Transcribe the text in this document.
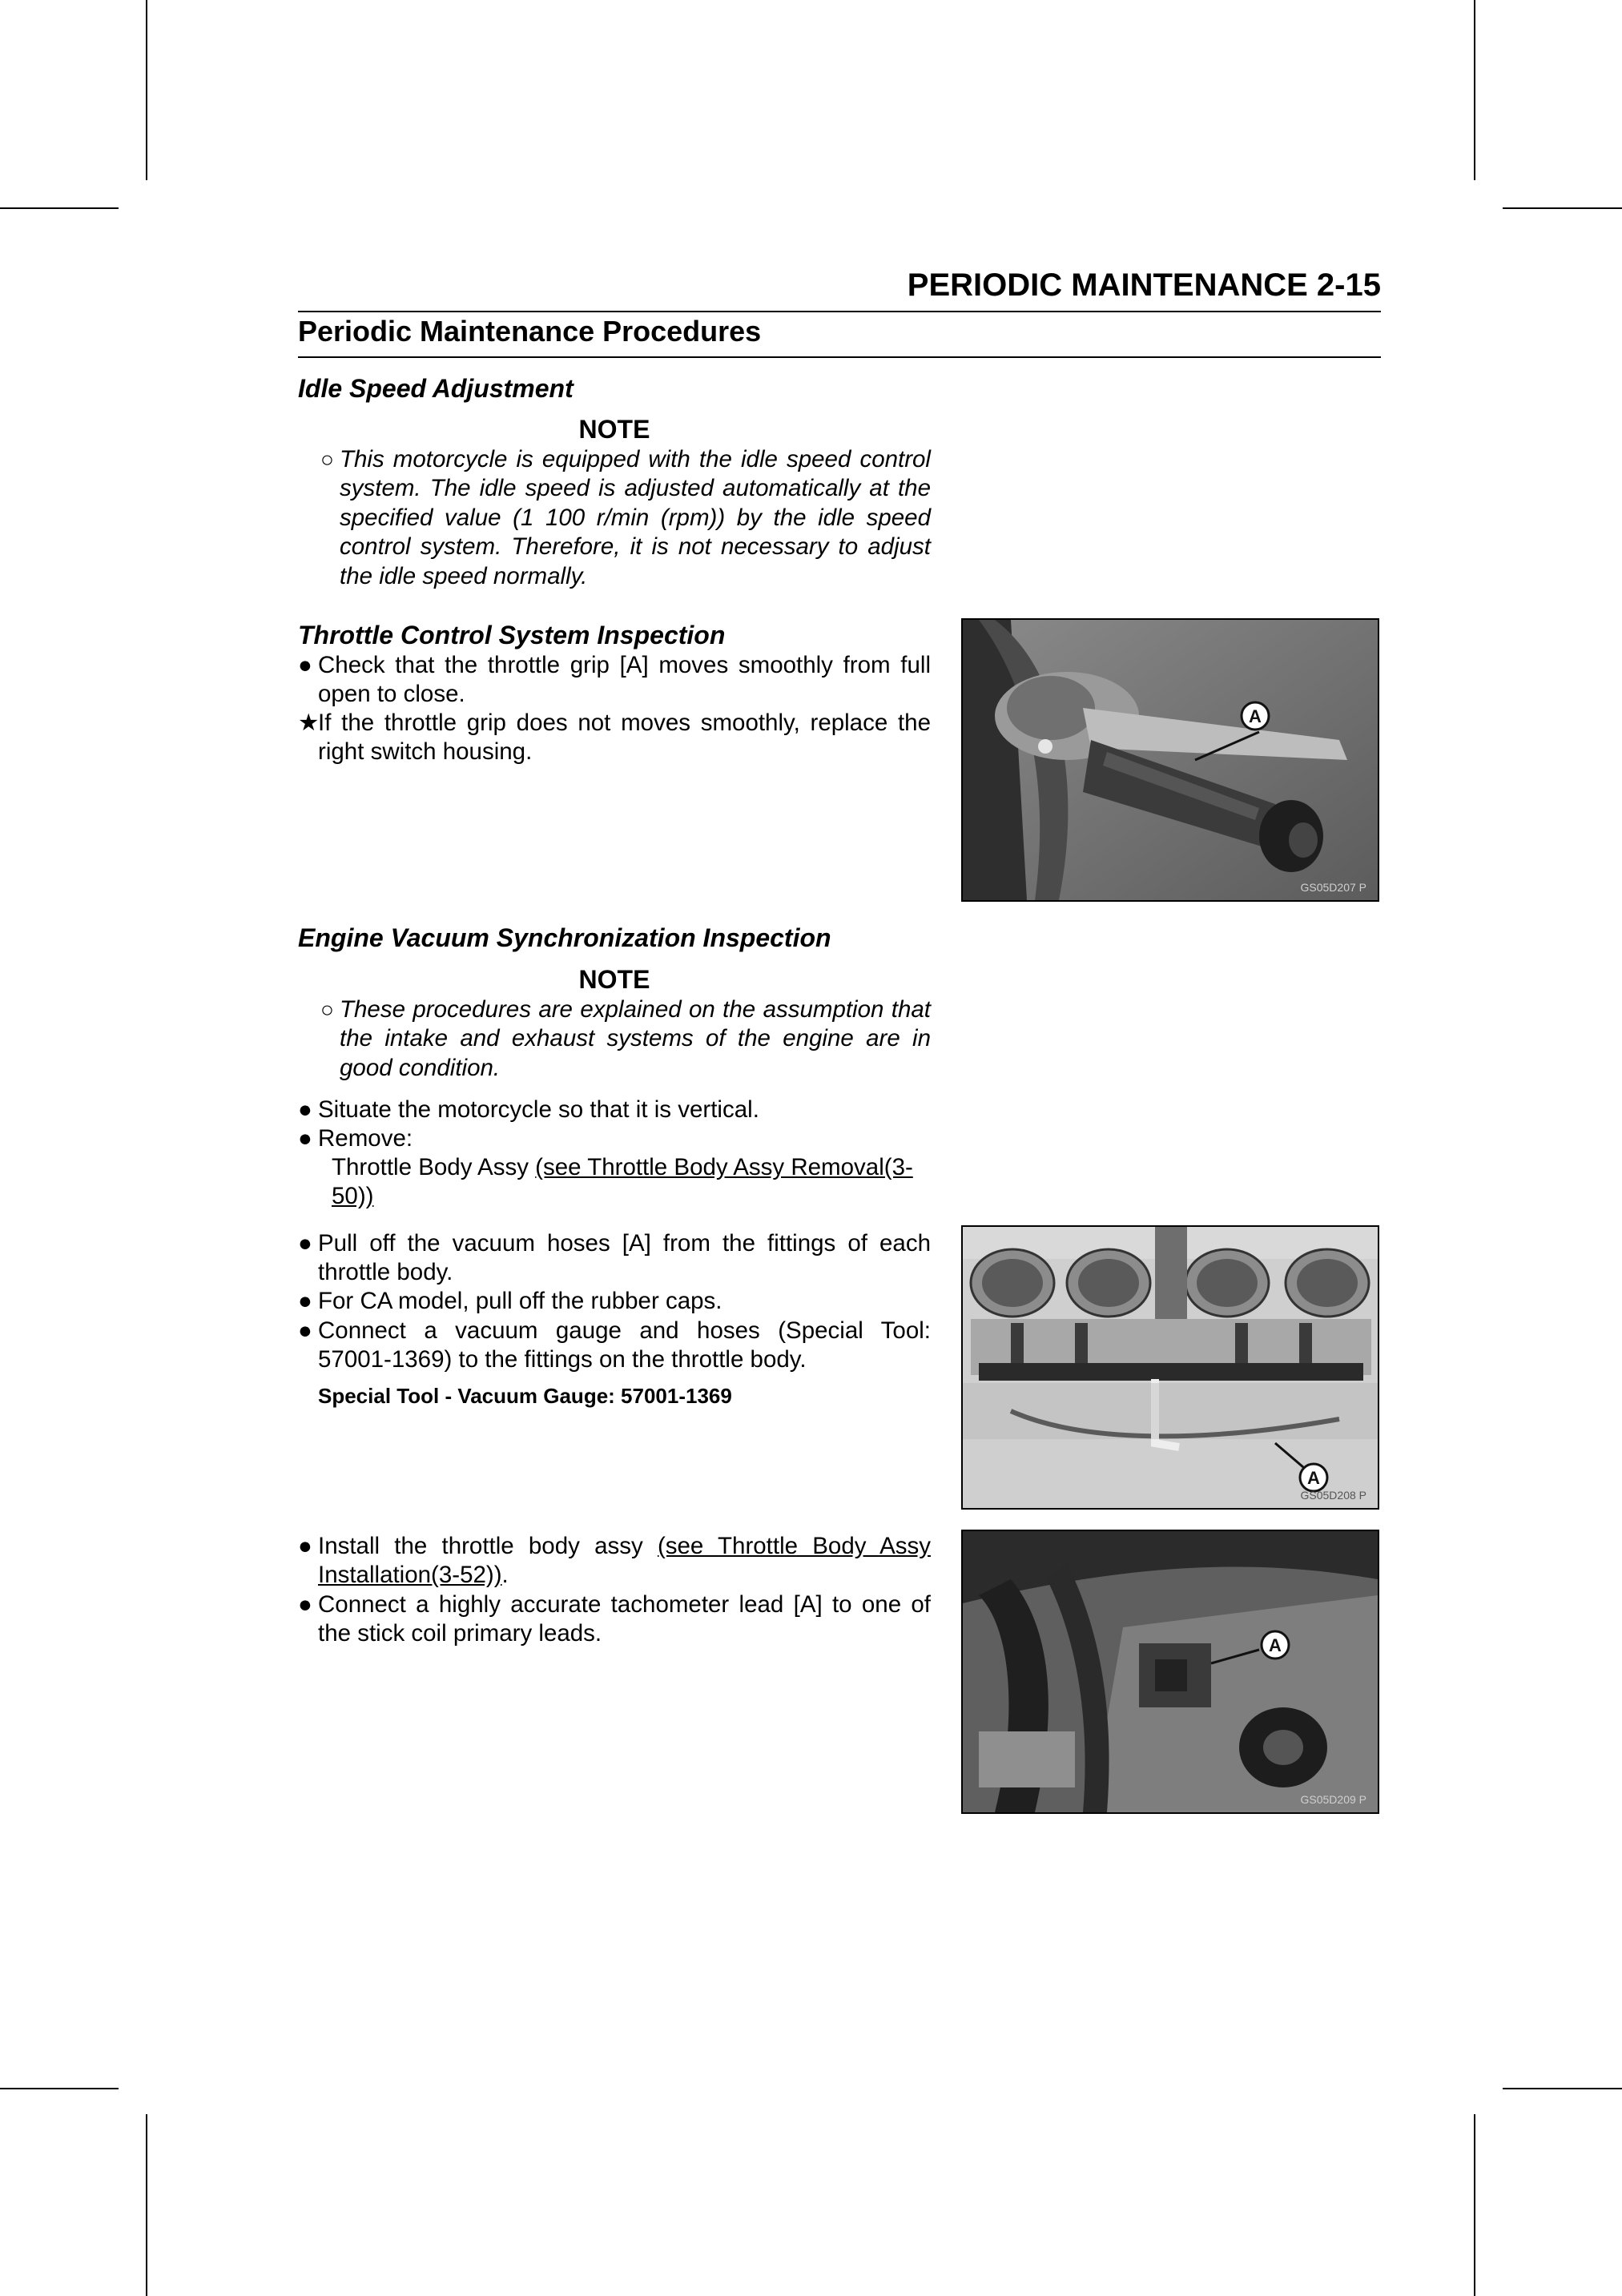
PERIODIC MAINTENANCE 2-15
Periodic Maintenance Procedures
Idle Speed Adjustment
NOTE
○ This motorcycle is equipped with the idle speed control system. The idle speed is adjusted automatically at the specified value (1 100 r/min (rpm)) by the idle speed control system. Therefore, it is not necessary to adjust the idle speed normally.
Throttle Control System Inspection
● Check that the throttle grip [A] moves smoothly from full open to close.
★
If the throttle grip does not moves smoothly, replace the right switch housing.
A
GS05D207 P
Engine Vacuum Synchronization Inspection
NOTE
○ These procedures are explained on the assumption that the intake and exhaust systems of the engine are in good condition.
● Situate the motorcycle so that it is vertical.
● Remove:
Throttle Body Assy (see Throttle Body Assy Removal(3-50))
● Pull off the vacuum hoses [A] from the fittings of each throttle body.
● For CA model, pull off the rubber caps.
● Connect a vacuum gauge and hoses (Special Tool: 57001-1369) to the fittings on the throttle body.
Special Tool - Vacuum Gauge: 57001-1369
A
GS05D208 P
● Install the throttle body assy (see Throttle Body Assy Installation(3-52)).
● Connect a highly accurate tachometer lead [A] to one of the stick coil primary leads.	A
GS05D209 P
